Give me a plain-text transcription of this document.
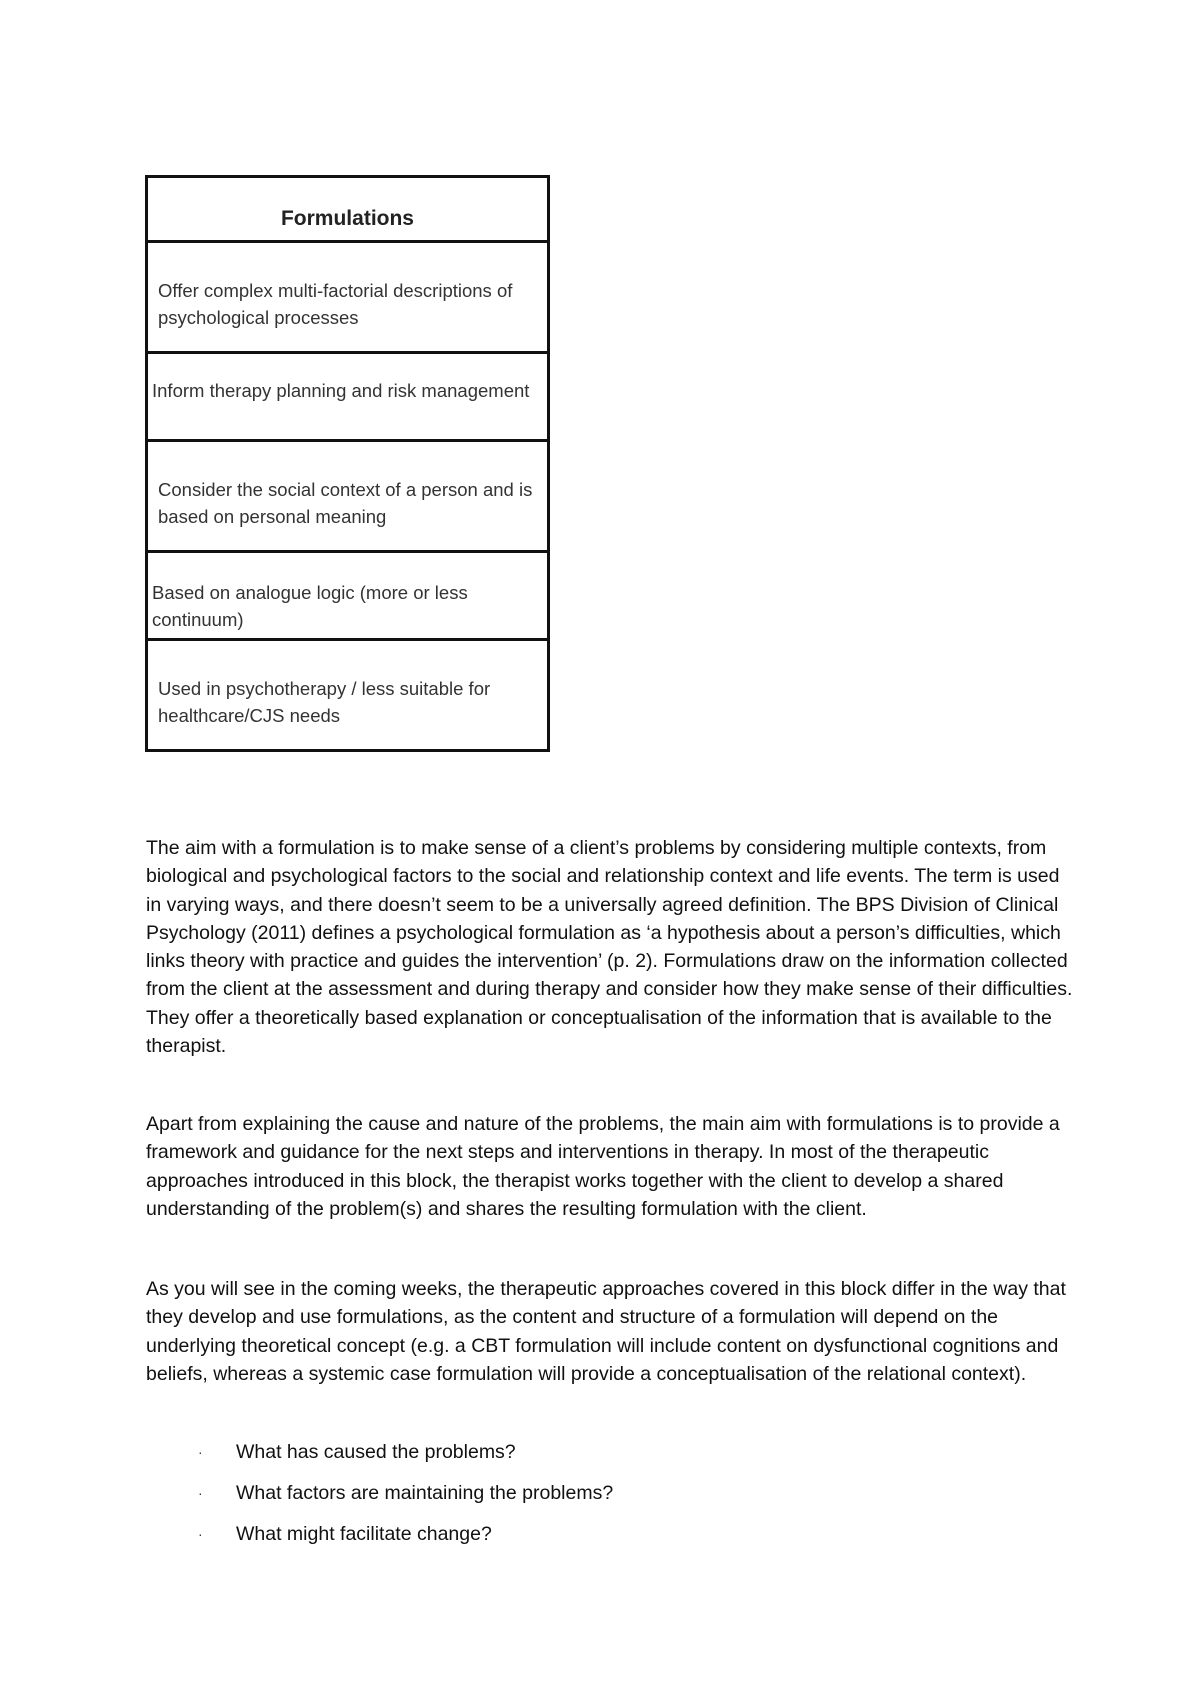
Formulations
Offer complex multi-factorial descriptions of psychological processes
Inform therapy planning and risk management
Consider the social context of a person and is based on personal meaning
Based on analogue logic (more or less continuum)
Used in psychotherapy / less suitable for healthcare/CJS needs

The aim with a formulation is to make sense of a client’s problems by considering multiple contexts, from biological and psychological factors to the social and relationship context and life events. The term is used in varying ways, and there doesn’t seem to be a universally agreed definition. The BPS Division of Clinical Psychology (2011) defines a psychological formulation as ‘a hypothesis about a person’s difficulties, which links theory with practice and guides the intervention’ (p. 2). Formulations draw on the information collected from the client at the assessment and during therapy and consider how they make sense of their difficulties. They offer a theoretically based explanation or conceptualisation of the information that is available to the therapist.

Apart from explaining the cause and nature of the problems, the main aim with formulations is to provide a framework and guidance for the next steps and interventions in therapy. In most of the therapeutic approaches introduced in this block, the therapist works together with the client to develop a shared understanding of the problem(s) and shares the resulting formulation with the client.

As you will see in the coming weeks, the therapeutic approaches covered in this block differ in the way that they develop and use formulations, as the content and structure of a formulation will depend on the underlying theoretical concept (e.g. a CBT formulation will include content on dysfunctional cognitions and beliefs, whereas a systemic case formulation will provide a conceptualisation of the relational context).

· What has caused the problems?
· What factors are maintaining the problems?
· What might facilitate change?
